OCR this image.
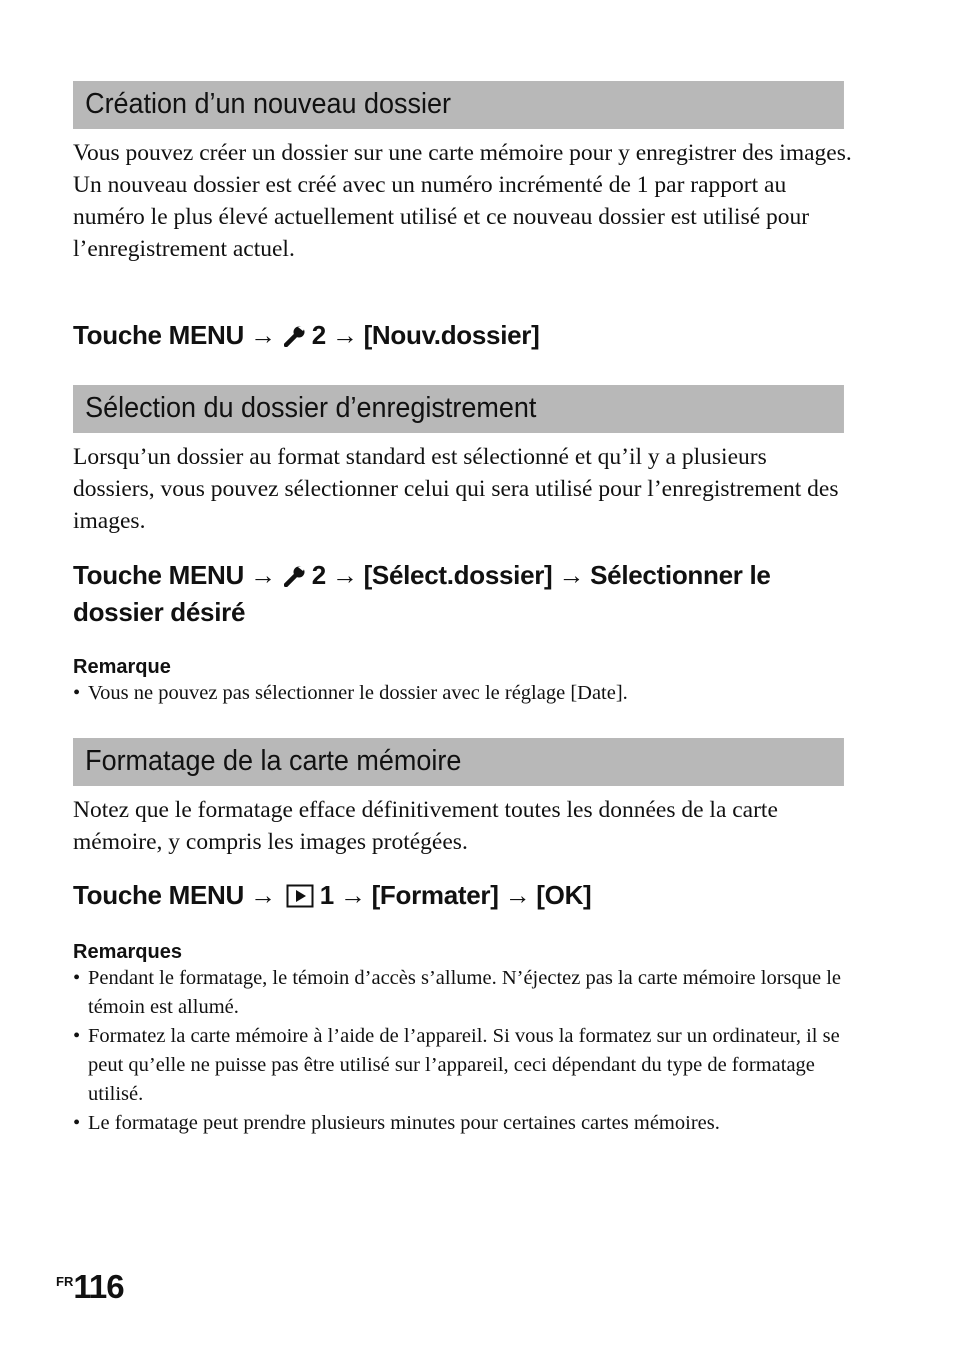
Création d’un nouveau dossier

Vous pouvez créer un dossier sur une carte mémoire pour y enregistrer des images.

Un nouveau dossier est créé avec un numéro incrémenté de 1 par rapport au numéro le plus élevé actuellement utilisé et ce nouveau dossier est utilisé pour l’enregistrement actuel.

Touche MENU → 2 → [Nouv.dossier]
Sélection du dossier d’enregistrement

Lorsqu’un dossier au format standard est sélectionné et qu’il y a plusieurs dossiers, vous pouvez sélectionner celui qui sera utilisé pour l’enregistrement des images.

Touche MENU → 2 → [Sélect.dossier] → Sélectionner le dossier désiré
Remarque
• Vous ne pouvez pas sélectionner le dossier avec le réglage [Date].
Formatage de la carte mémoire

Notez que le formatage efface définitivement toutes les données de la carte mémoire, y compris les images protégées.

Touche MENU → 1 → [Formater] → [OK]
Remarques
• Pendant le formatage, le témoin d’accès s’allume. N’éjectez pas la carte mémoire lorsque le témoin est allumé.
• Formatez la carte mémoire à l’aide de l’appareil. Si vous la formatez sur un ordinateur, il se peut qu’elle ne puisse pas être utilisé sur l’appareil, ceci dépendant du type de formatage utilisé.
• Le formatage peut prendre plusieurs minutes pour certaines cartes mémoires.
$^{FR}$116
